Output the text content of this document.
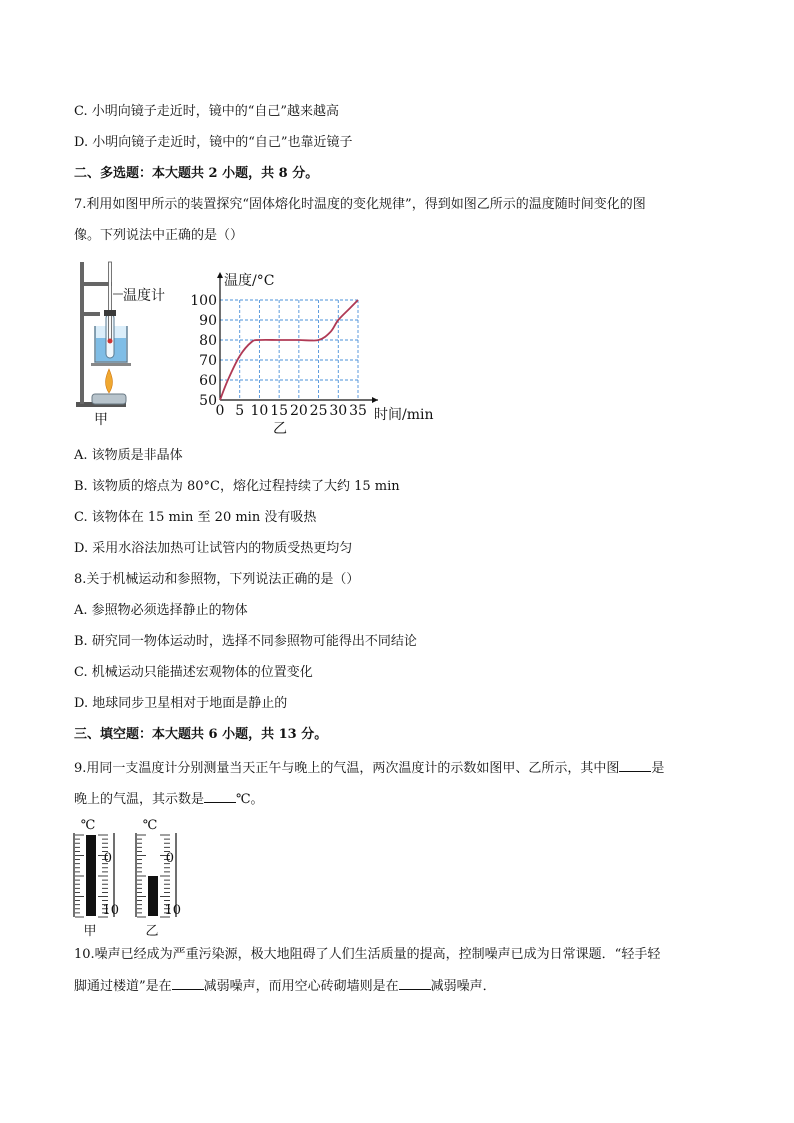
C. 小明向镜子走近时，镜中的“自己”越来越高
D. 小明向镜子走近时，镜中的“自己”也靠近镜子
二、多选题：本大题共 2 小题，共 8 分。
7.利用如图甲所示的装置探究“固体熔化时温度的变化规律”，得到如图乙所示的温度随时间变化的图
像。下列说法中正确的是（）
温度计
甲
50
60
70
80
90
100
0 5 10 15 20 25 30 35
温度/°C
时间/min
乙
A. 该物质是非晶体
B. 该物质的熔点为 80°C，熔化过程持续了大约 15 min
C. 该物体在 15 min 至 20 min 没有吸热
D. 采用水浴法加热可让试管内的物质受热更均匀
8.关于机械运动和参照物，下列说法正确的是（）
A. 参照物必须选择静止的物体
B. 研究同一物体运动时，选择不同参照物可能得出不同结论
C. 机械运动只能描述宏观物体的位置变化
D. 地球同步卫星相对于地面是静止的
三、填空题：本大题共 6 小题，共 13 分。
9.用同一支温度计分别测量当天正午与晚上的气温，两次温度计的示数如图甲、乙所示，其中图 是
晚上的气温，其示数是 ℃。
℃
0
10
甲
℃
0
10
乙
10.噪声已经成为严重污染源，极大地阻碍了人们生活质量的提高，控制噪声已成为日常课题．“轻手轻
脚通过楼道”是在 减弱噪声，而用空心砖砌墙则是在 减弱噪声．
